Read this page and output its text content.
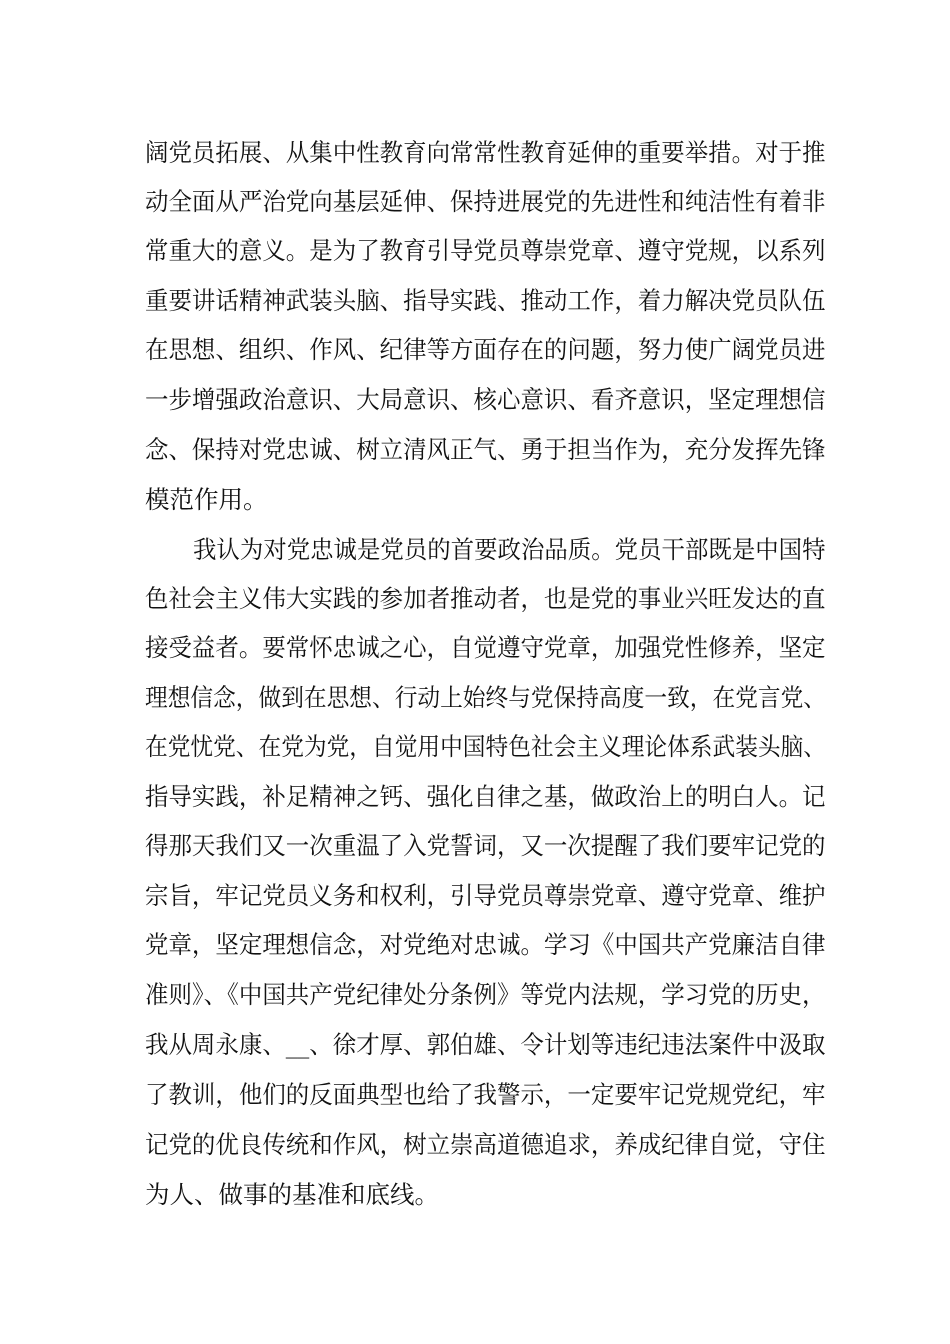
阔党员拓展、从集中性教育向常常性教育延伸的重要举措。对于推
动全面从严治党向基层延伸、保持进展党的先进性和纯洁性有着非
常重大的意义。是为了教育引导党员尊崇党章、遵守党规，以系列
重要讲话精神武装头脑、指导实践、推动工作，着力解决党员队伍
在思想、组织、作风、纪律等方面存在的问题，努力使广阔党员进
一步增强政治意识、大局意识、核心意识、看齐意识，坚定理想信
念、保持对党忠诚、树立清风正气、勇于担当作为，充分发挥先锋
模范作用。
我认为对党忠诚是党员的首要政治品质。党员干部既是中国特
色社会主义伟大实践的参加者推动者，也是党的事业兴旺发达的直
接受益者。要常怀忠诚之心，自觉遵守党章，加强党性修养，坚定
理想信念，做到在思想、行动上始终与党保持高度一致，在党言党、
在党忧党、在党为党，自觉用中国特色社会主义理论体系武装头脑、
指导实践，补足精神之钙、强化自律之基，做政治上的明白人。记
得那天我们又一次重温了入党誓词，又一次提醒了我们要牢记党的
宗旨，牢记党员义务和权利，引导党员尊崇党章、遵守党章、维护
党章，坚定理想信念，对党绝对忠诚。学习《中国共产党廉洁自律
准则》、《中国共产党纪律处分条例》等党内法规，学习党的历史，
我从周永康、__、徐才厚、郭伯雄、令计划等违纪违法案件中汲取
了教训，他们的反面典型也给了我警示，一定要牢记党规党纪，牢
记党的优良传统和作风，树立崇高道德追求，养成纪律自觉，守住
为人、做事的基准和底线。
